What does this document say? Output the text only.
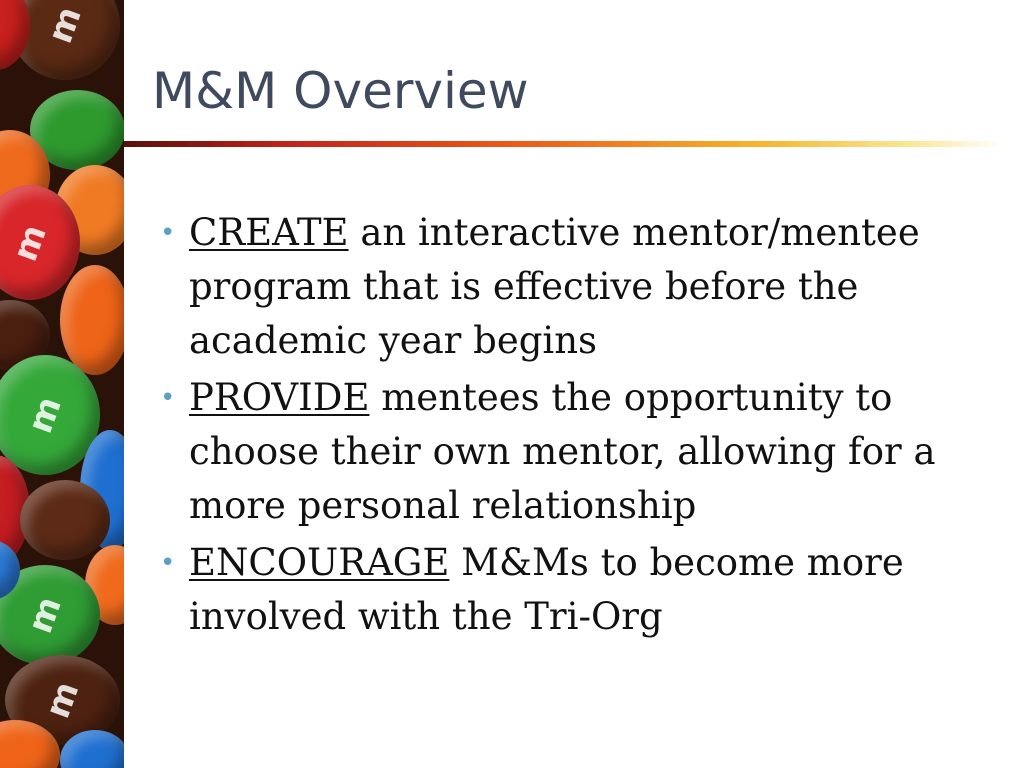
m
m
m
m
m
M&M Overview
• CREATE an interactive mentor/mentee program that is effective before the academic year begins
• PROVIDE mentees the opportunity to choose their own mentor, allowing for a more personal relationship
• ENCOURAGE M&Ms to become more involved with the Tri-Org
